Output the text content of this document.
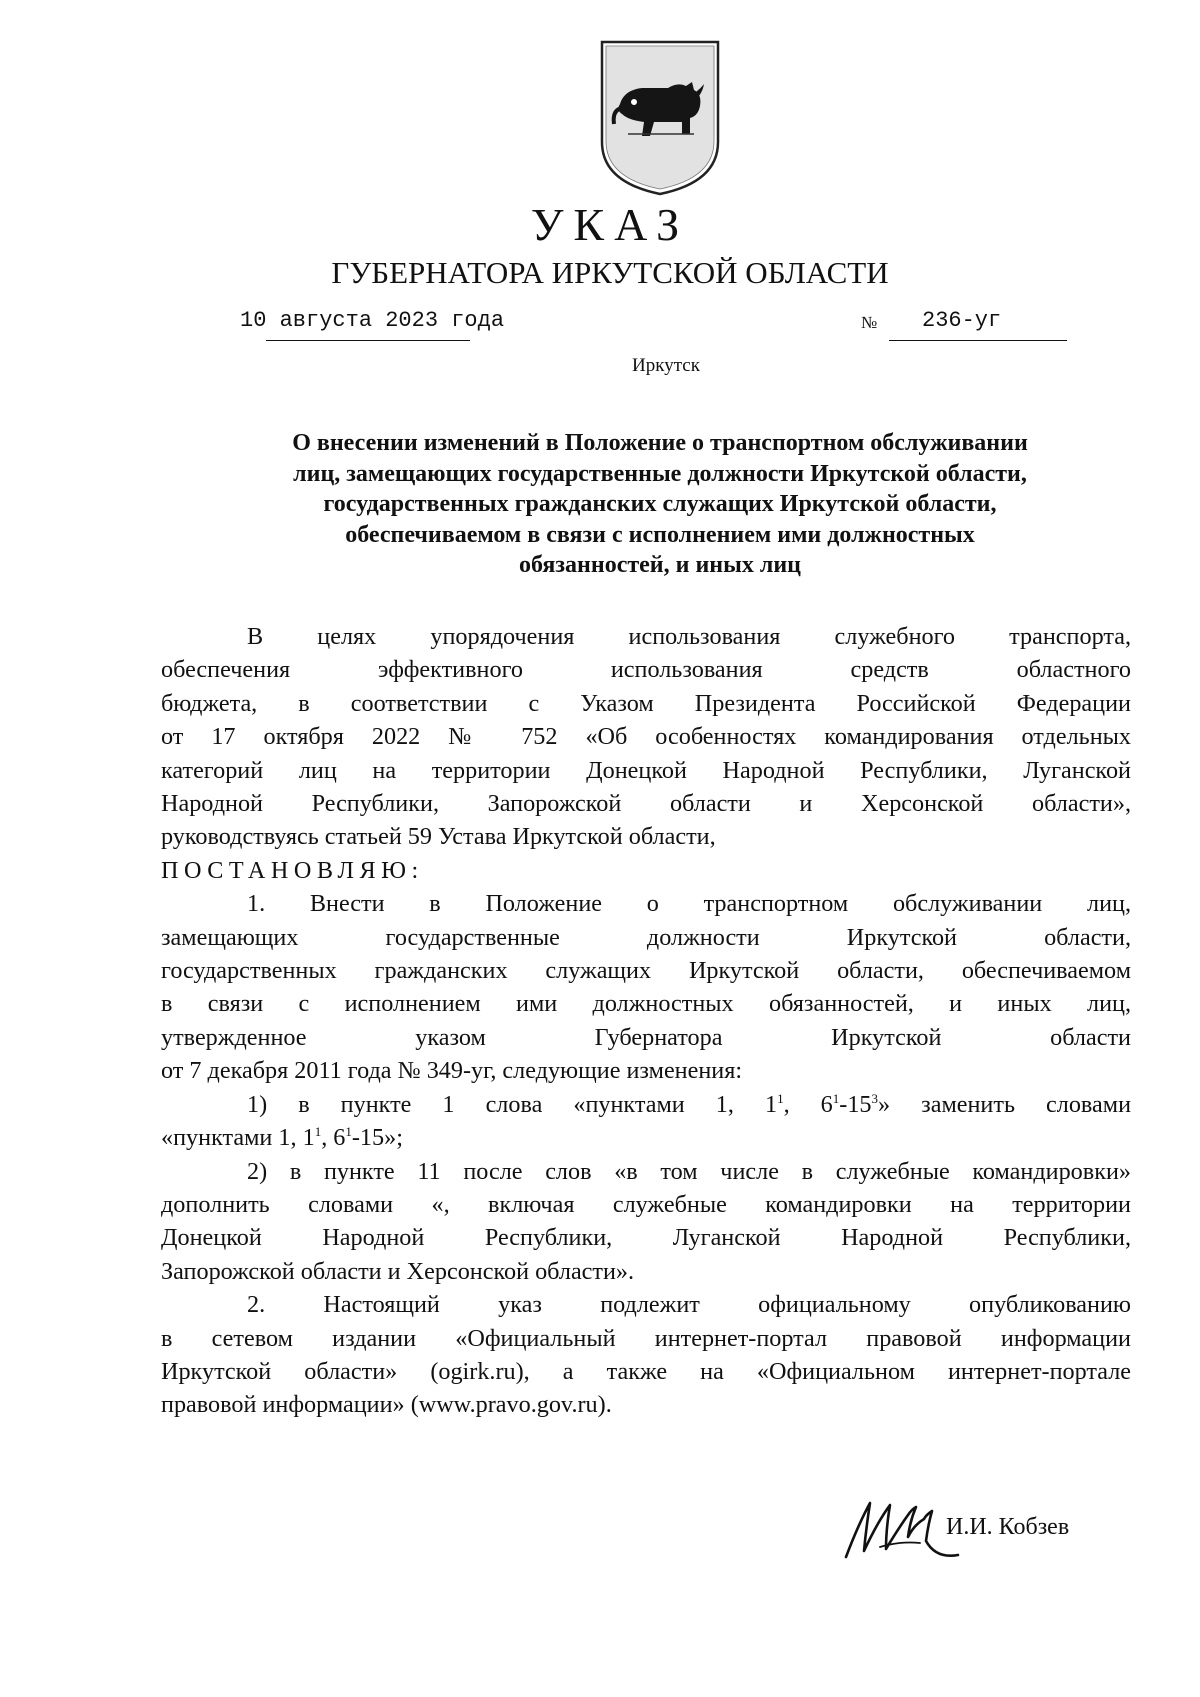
УКАЗ
ГУБЕРНАТОРА ИРКУТСКОЙ ОБЛАСТИ
10 августа 2023 года	№ 236-уг
Иркутск
О внесении изменений в Положение о транспортном обслуживании
лиц, замещающих государственные должности Иркутской области,
государственных гражданских служащих Иркутской области,
обеспечиваемом в связи с исполнением ими должностных
обязанностей, и иных лиц

В целях упорядочения использования служебного транспорта,

обеспечения эффективного использования средств областного

бюджета, в соответствии с Указом Президента Российской Федерации

от 17 октября 2022 № 752 «Об особенностях командирования отдельных

категорий лиц на территории Донецкой Народной Республики, Луганской

Народной Республики, Запорожской области и Херсонской области»,

руководствуясь статьей 59 Устава Иркутской области,

ПОСТАНОВЛЯЮ:

1. Внести в Положение о транспортном обслуживании лиц,

замещающих государственные должности Иркутской области,

государственных гражданских служащих Иркутской области, обеспечиваемом

в связи с исполнением ими должностных обязанностей, и иных лиц,

утвержденное указом Губернатора Иркутской области

от 7 декабря 2011 года № 349-уг, следующие изменения:

1) в пункте 1 слова «пунктами 1, $1^1$, $6^1-15^3$» заменить словами

«пунктами 1, $1^1$, $6^1-15$»;

2) в пункте 11 после слов «в том числе в служебные командировки»

дополнить словами «, включая служебные командировки на территории

Донецкой Народной Республики, Луганской Народной Республики,

Запорожской области и Херсонской области».

2. Настоящий указ подлежит официальному опубликованию

в сетевом издании «Официальный интернет-портал правовой информации

Иркутской области» (ogirk.ru), а также на «Официальном интернет-портале

правовой информации» (www.pravo.gov.ru).

И.И. Кобзев
